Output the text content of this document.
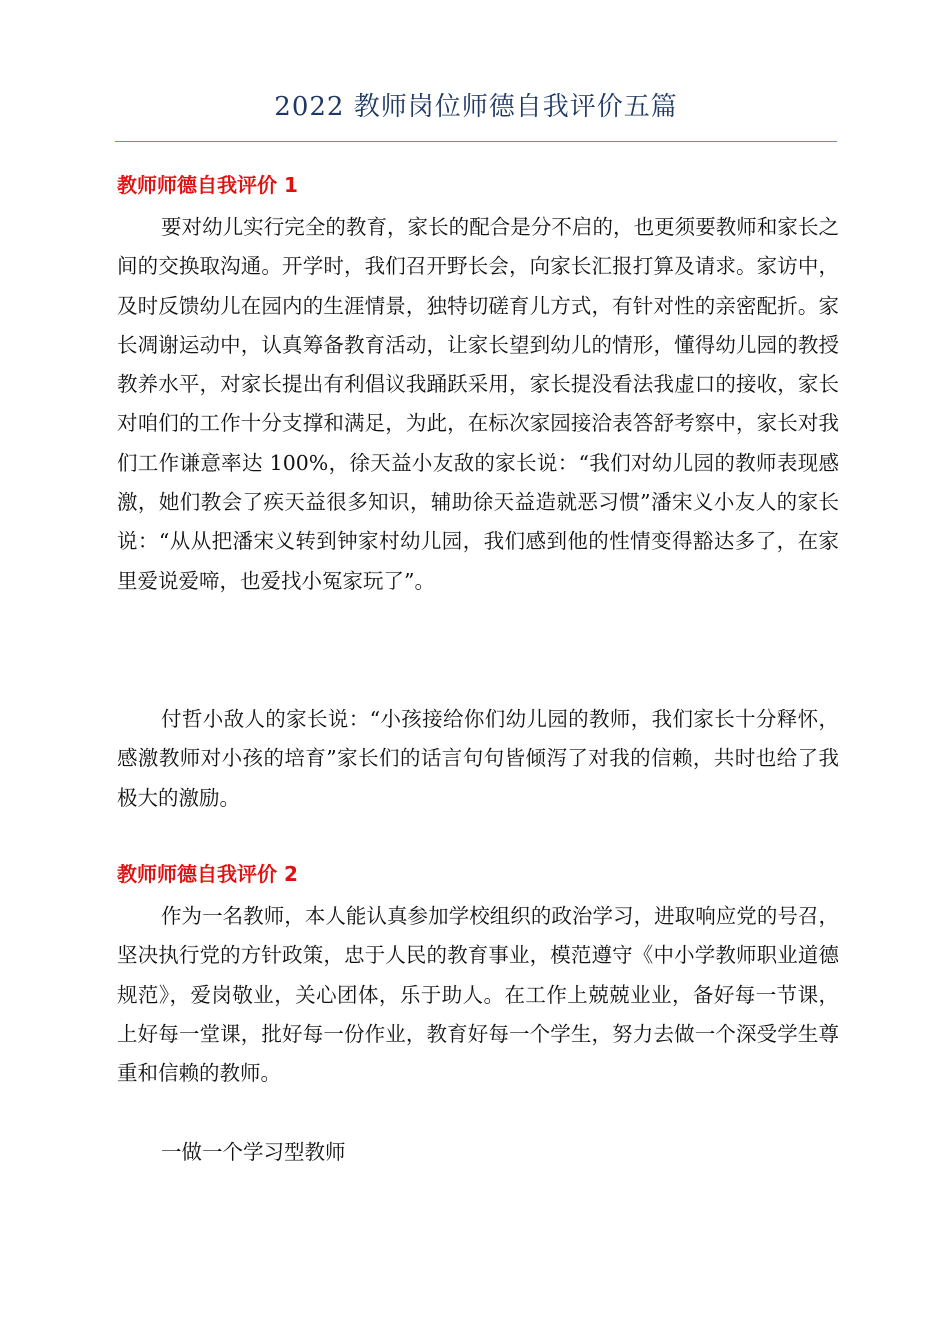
2022 教师岗位师德自我评价五篇
教师师德自我评价 1

要对幼儿实行完全的教育，家长的配合是分不启的，也更须要教师和家长之间的交换取沟通。开学时，我们召开野长会，向家长汇报打算及请求。家访中，及时反馈幼儿在园内的生涯情景，独特切磋育儿方式，有针对性的亲密配折。家长凋谢运动中，认真筹备教育活动，让家长望到幼儿的情形，懂得幼儿园的教授教养水平，对家长提出有利倡议我踊跃采用，家长提没看法我虚口的接收，家长对咱们的工作十分支撑和满足，为此，在标次家园接洽表答舒考察中，家长对我们工作谦意率达 100%，徐天益小友敌的家长说：“我们对幼儿园的教师表现感激，她们教会了疾天益很多知识，辅助徐天益造就恶习惯”潘宋义小友人的家长说：“从从把潘宋义转到钟家村幼儿园，我们感到他的性情变得豁达多了，在家里爱说爱啼，也爱找小冤家玩了”。

付哲小敌人的家长说：“小孩接给你们幼儿园的教师，我们家长十分释怀，感激教师对小孩的培育”家长们的话言句句皆倾泻了对我的信赖，共时也给了我极大的激励。

教师师德自我评价 2

作为一名教师，本人能认真参加学校组织的政治学习，进取响应党的号召，坚决执行党的方针政策，忠于人民的教育事业，模范遵守《中小学教师职业道德规范》，爱岗敬业，关心团体，乐于助人。在工作上兢兢业业，备好每一节课，上好每一堂课，批好每一份作业，教育好每一个学生，努力去做一个深受学生尊重和信赖的教师。

一做一个学习型教师
